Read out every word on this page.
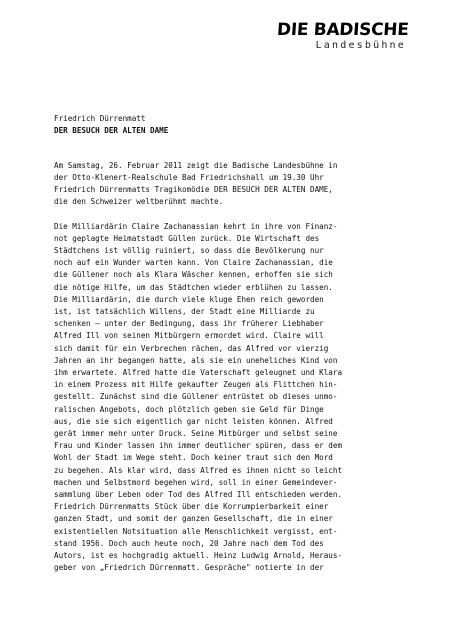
DIE BADISCHE
Landesbühne
Friedrich Dürrenmatt
DER BESUCH DER ALTEN DAME
Am Samstag, 26. Februar 2011 zeigt die Badische Landesbühne in
der Otto-Klenert-Realschule Bad Friedrichshall um 19.30 Uhr
Friedrich Dürrenmatts Tragikomödie DER BESUCH DER ALTEN DAME,
die den Schweizer weltberühmt machte.
Die Milliardärin Claire Zachanassian kehrt in ihre von Finanz-
not geplagte Heimatstadt Güllen zurück. Die Wirtschaft des
Städtchens ist völlig ruiniert, so dass die Bevölkerung nur
noch auf ein Wunder warten kann. Von Claire Zachanassian, die
die Güllener noch als Klara Wäscher kennen, erhoffen sie sich
die nötige Hilfe, um das Städtchen wieder erblühen zu lassen.
Die Milliardärin, die durch viele kluge Ehen reich geworden
ist, ist tatsächlich Willens, der Stadt eine Milliarde zu
schenken – unter der Bedingung, dass ihr früherer Liebhaber
Alfred Ill von seinen Mitbürgern ermordet wird. Claire will
sich damit für ein Verbrechen rächen, das Alfred vor vierzig
Jahren an ihr begangen hatte, als sie ein uneheliches Kind von
ihm erwartete. Alfred hatte die Vaterschaft geleugnet und Klara
in einem Prozess mit Hilfe gekaufter Zeugen als Flittchen hin-
gestellt. Zunächst sind die Güllener entrüstet ob dieses unmo-
ralischen Angebots, doch plötzlich geben sie Geld für Dinge
aus, die sie sich eigentlich gar nicht leisten können. Alfred
gerät immer mehr unter Druck. Seine Mitbürger und selbst seine
Frau und Kinder lassen ihn immer deutlicher spüren, dass er dem
Wohl der Stadt im Wege steht. Doch keiner traut sich den Mord
zu begehen. Als klar wird, dass Alfred es ihnen nicht so leicht
machen und Selbstmord begehen wird, soll in einer Gemeindever-
sammlung über Leben oder Tod des Alfred Ill entschieden werden.
Friedrich Dürrenmatts Stück über die Korrumpierbarkeit einer
ganzen Stadt, und somit der ganzen Gesellschaft, die in einer
existentiellen Notsituation alle Menschlichkeit vergisst, ent-
stand 1956. Doch auch heute noch, 20 Jahre nach dem Tod des
Autors, ist es hochgradig aktuell. Heinz Ludwig Arnold, Heraus-
geber von „Friedrich Dürrenmatt. Gespräche" notierte in der
